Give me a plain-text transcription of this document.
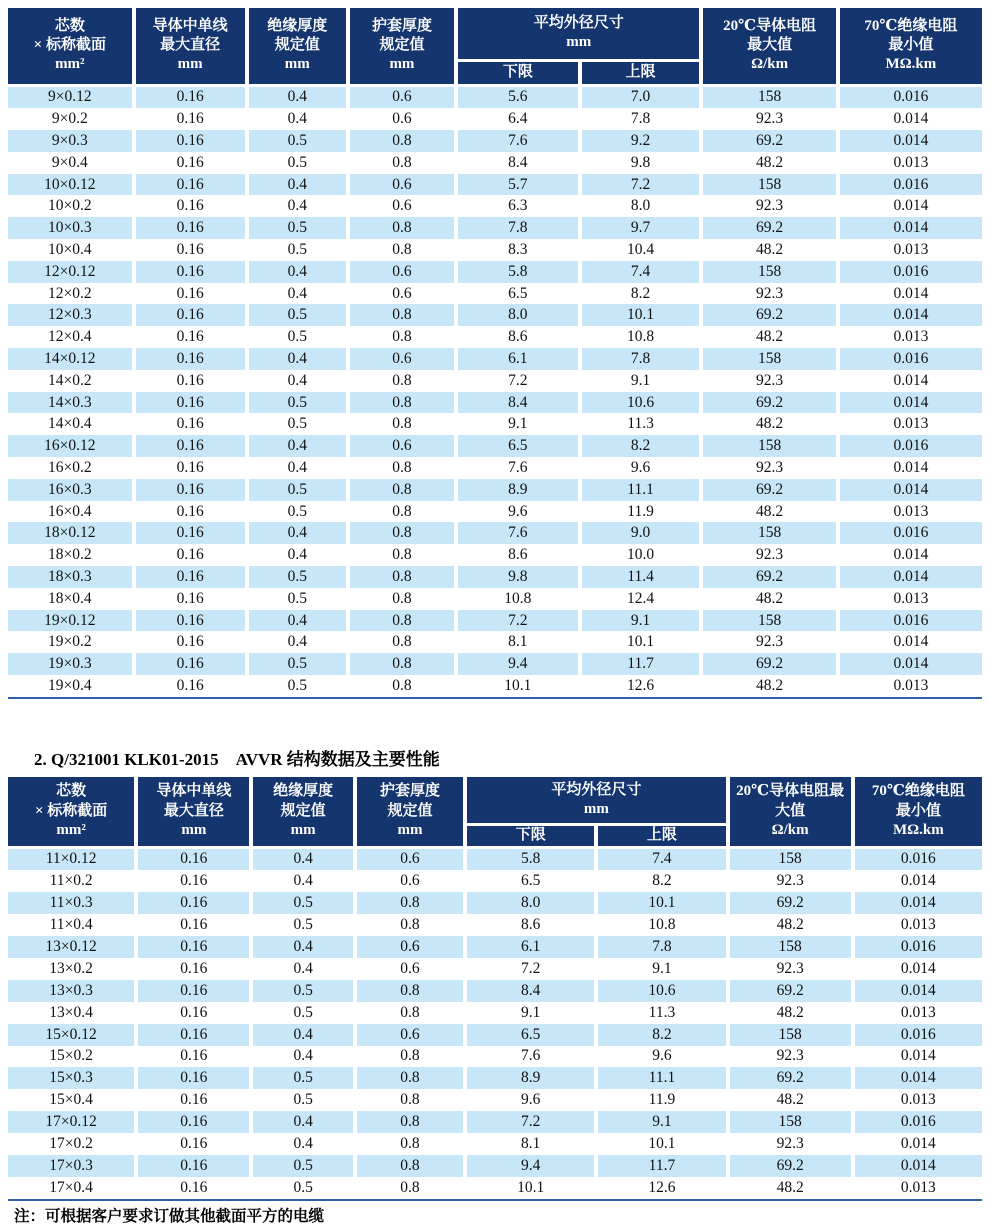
芯数
× 标称截面
mm²	导体中单线
最大直径
mm	绝缘厚度
规定值
mm	护套厚度
规定值
mm	平均外径尺寸
mm		20℃导体电阻
最大值
Ω/km	70℃绝缘电阻
最小值
MΩ.km

				下限	上限		
9×0.12	0.16	0.4	0.6	5.6	7.0	158	0.016
9×0.2	0.16	0.4	0.6	6.4	7.8	92.3	0.014
9×0.3	0.16	0.5	0.8	7.6	9.2	69.2	0.014
9×0.4	0.16	0.5	0.8	8.4	9.8	48.2	0.013
10×0.12	0.16	0.4	0.6	5.7	7.2	158	0.016
10×0.2	0.16	0.4	0.6	6.3	8.0	92.3	0.014
10×0.3	0.16	0.5	0.8	7.8	9.7	69.2	0.014
10×0.4	0.16	0.5	0.8	8.3	10.4	48.2	0.013
12×0.12	0.16	0.4	0.6	5.8	7.4	158	0.016
12×0.2	0.16	0.4	0.6	6.5	8.2	92.3	0.014
12×0.3	0.16	0.5	0.8	8.0	10.1	69.2	0.014
12×0.4	0.16	0.5	0.8	8.6	10.8	48.2	0.013
14×0.12	0.16	0.4	0.6	6.1	7.8	158	0.016
14×0.2	0.16	0.4	0.8	7.2	9.1	92.3	0.014
14×0.3	0.16	0.5	0.8	8.4	10.6	69.2	0.014
14×0.4	0.16	0.5	0.8	9.1	11.3	48.2	0.013
16×0.12	0.16	0.4	0.6	6.5	8.2	158	0.016
16×0.2	0.16	0.4	0.8	7.6	9.6	92.3	0.014
16×0.3	0.16	0.5	0.8	8.9	11.1	69.2	0.014
16×0.4	0.16	0.5	0.8	9.6	11.9	48.2	0.013
18×0.12	0.16	0.4	0.8	7.6	9.0	158	0.016
18×0.2	0.16	0.4	0.8	8.6	10.0	92.3	0.014
18×0.3	0.16	0.5	0.8	9.8	11.4	69.2	0.014
18×0.4	0.16	0.5	0.8	10.8	12.4	48.2	0.013
19×0.12	0.16	0.4	0.8	7.2	9.1	158	0.016
19×0.2	0.16	0.4	0.8	8.1	10.1	92.3	0.014
19×0.3	0.16	0.5	0.8	9.4	11.7	69.2	0.014
19×0.4	0.16	0.5	0.8	10.1	12.6	48.2	0.013
2. Q/321001 KLK01-2015　AVVR 结构数据及主要性能
芯数
× 标称截面
mm²	导体中单线
最大直径
mm	绝缘厚度
规定值
mm	护套厚度
规定值
mm	平均外径尺寸
mm		20℃导体电阻最
大值
Ω/km	70℃绝缘电阻
最小值
MΩ.km

				下限	上限		
11×0.12	0.16	0.4	0.6	5.8	7.4	158	0.016
11×0.2	0.16	0.4	0.6	6.5	8.2	92.3	0.014
11×0.3	0.16	0.5	0.8	8.0	10.1	69.2	0.014
11×0.4	0.16	0.5	0.8	8.6	10.8	48.2	0.013
13×0.12	0.16	0.4	0.6	6.1	7.8	158	0.016
13×0.2	0.16	0.4	0.6	7.2	9.1	92.3	0.014
13×0.3	0.16	0.5	0.8	8.4	10.6	69.2	0.014
13×0.4	0.16	0.5	0.8	9.1	11.3	48.2	0.013
15×0.12	0.16	0.4	0.6	6.5	8.2	158	0.016
15×0.2	0.16	0.4	0.8	7.6	9.6	92.3	0.014
15×0.3	0.16	0.5	0.8	8.9	11.1	69.2	0.014
15×0.4	0.16	0.5	0.8	9.6	11.9	48.2	0.013
17×0.12	0.16	0.4	0.8	7.2	9.1	158	0.016
17×0.2	0.16	0.4	0.8	8.1	10.1	92.3	0.014
17×0.3	0.16	0.5	0.8	9.4	11.7	69.2	0.014
17×0.4	0.16	0.5	0.8	10.1	12.6	48.2	0.013
注：可根据客户要求订做其他截面平方的电缆
